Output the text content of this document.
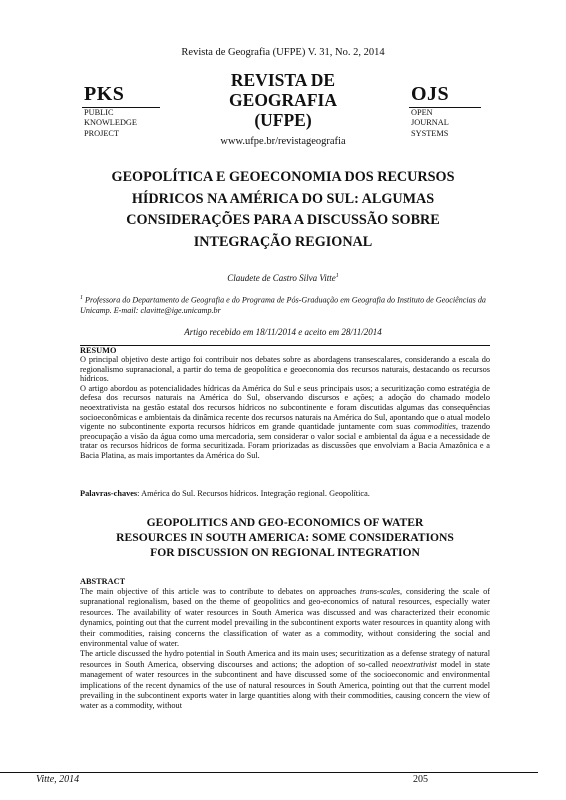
Revista de Geografia (UFPE) V. 31, No. 2, 2014
PKS
PUBLIC
KNOWLEDGE
PROJECT
REVISTA DE
GEOGRAFIA
(UFPE)
www.ufpe.br/revistageografia
OJS
OPEN
JOURNAL
SYSTEMS
GEOPOLÍTICA E GEOECONOMIA DOS RECURSOS
HÍDRICOS NA AMÉRICA DO SUL: ALGUMAS
CONSIDERAÇÕES PARA A DISCUSSÃO SOBRE
INTEGRAÇÃO REGIONAL
Claudete de Castro Silva Vitte$^1$
$^1$ Professora do Departamento de Geografia e do Programa de Pós-Graduação em Geografia do Instituto de Geociências da Unicamp. E-mail: clavitte@ige.unicamp.br
Artigo recebido em 18/11/2014 e aceito em 28/11/2014
RESUMO

O principal objetivo deste artigo foi contribuir nos debates sobre as abordagens transescalares, considerando a escala do regionalismo supranacional, a partir do tema de geopolítica e geoeconomia dos recursos naturais, destacando os recursos hídricos.

O artigo abordou as potencialidades hídricas da América do Sul e seus principais usos; a securitização como estratégia de defesa dos recursos naturais na América do Sul, observando discursos e ações; a adoção do chamado modelo neoextrativista na gestão estatal dos recursos hídricos no subcontinente e foram discutidas algumas das consequências socioeconômicas e ambientais da dinâmica recente dos recursos naturais na América do Sul, apontando que o atual modelo vigente no subcontinente exporta recursos hídricos em grande quantidade juntamente com suas commodities, trazendo preocupação a visão da água como uma mercadoria, sem considerar o valor social e ambiental da água e a necessidade de tratar os recursos hídricos de forma securitizada. Foram priorizadas as discussões que envolviam a Bacia Amazônica e a Bacia Platina, as mais importantes da América do Sul.

Palavras-chaves: América do Sul. Recursos hídricos. Integração regional. Geopolítica.
GEOPOLITICS AND GEO-ECONOMICS OF WATER
RESOURCES IN SOUTH AMERICA: SOME CONSIDERATIONS
FOR DISCUSSION ON REGIONAL INTEGRATION
ABSTRACT

The main objective of this article was to contribute to debates on approaches trans-scales, considering the scale of supranational regionalism, based on the theme of geopolitics and geo-economics of natural resources, especially water resources. The availability of water resources in South America was discussed and was characterized their economic dynamics, pointing out that the current model prevailing in the subcontinent exports water resources in quantity along with their commodities, raising concerns the classification of water as a commodity, without considering the social and environmental value of water.

The article discussed the hydro potential in South America and its main uses; securitization as a defense strategy of natural resources in South America, observing discourses and actions; the adoption of so-called neoextrativist model in state management of water resources in the subcontinent and have discussed some of the socioeconomic and environmental implications of the recent dynamics of the use of natural resources in South America, pointing out that the current model prevailing in the subcontinent exports water in large quantities along with their commodities, causing concern the view of water as a commodity, without

Vitte, 2014	205
